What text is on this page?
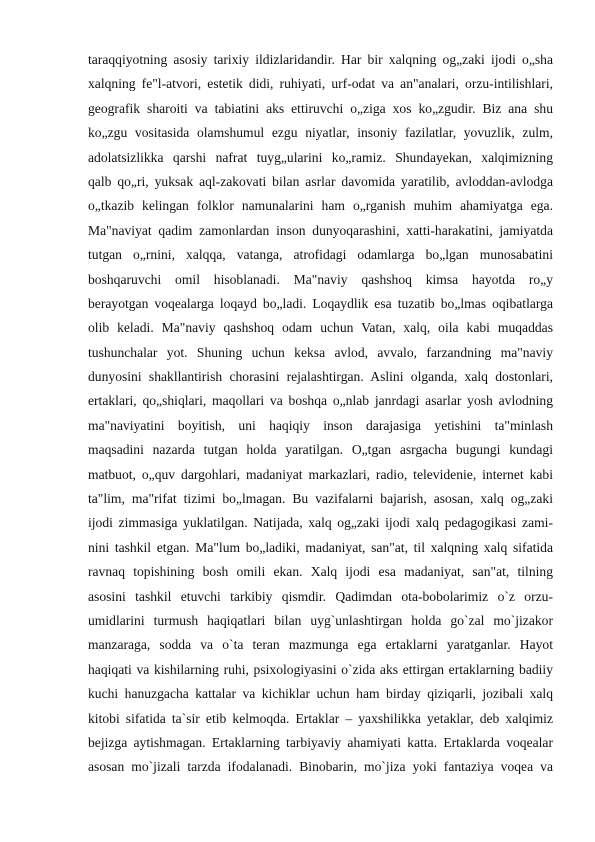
taraqqiyotning asosiy tarixiy ildizlaridandir. Har bir xalqning og„zaki ijodi o„sha
xalqning fe"l-atvori, estetik didi, ruhiyati, urf-odat va an"analari, orzu-intilishlari,
geografik sharoiti va tabiatini aks ettiruvchi o„ziga xos ko„zgudir. Biz ana shu
ko„zgu vositasida olamshumul ezgu niyatlar, insoniy fazilatlar, yovuzlik, zulm,
adolatsizlikka qarshi nafrat tuyg„ularini ko„ramiz. Shundayekan, xalqimizning
qalb qo„ri, yuksak aql-zakovati bilan asrlar davomida yaratilib, avloddan-avlodga
o„tkazib kelingan folklor namunalarini ham o„rganish muhim ahamiyatga ega.
Ma"naviyat qadim zamonlardan inson dunyoqarashini, xatti-harakatini, jamiyatda
tutgan o„rnini, xalqqa, vatanga, atrofidagi odamlarga bo„lgan munosabatini
boshqaruvchi omil hisoblanadi. Ma"naviy qashshoq kimsa hayotda ro„y
berayotgan voqealarga loqayd bo„ladi. Loqaydlik esa tuzatib bo„lmas oqibatlarga
olib keladi. Ma"naviy qashshoq odam uchun Vatan, xalq, oila kabi muqaddas
tushunchalar yot. Shuning uchun keksa avlod, avvalo, farzandning ma"naviy
dunyosini shakllantirish chorasini rejalashtirgan. Aslini olganda, xalq dostonlari,
ertaklari, qo„shiqlari, maqollari va boshqa o„nlab janrdagi asarlar yosh avlodning
ma"naviyatini boyitish, uni haqiqiy inson darajasiga yetishini ta"minlash
maqsadini nazarda tutgan holda yaratilgan. O„tgan asrgacha bugungi kundagi
matbuot, o„quv dargohlari, madaniyat markazlari, radio, televidenie, internet kabi
ta"lim, ma"rifat tizimi bo„lmagan. Bu vazifalarni bajarish, asosan, xalq og„zaki
ijodi zimmasiga yuklatilgan. Natijada, xalq og„zaki ijodi xalq pedagogikasi zami-
nini tashkil etgan. Ma"lum bo„ladiki, madaniyat, san"at, til xalqning xalq sifatida
ravnaq topishining bosh omili ekan. Xalq ijodi esa madaniyat, san"at, tilning
asosini tashkil etuvchi tarkibiy qismdir. Qadimdan ota-bobolarimiz o`z orzu-
umidlarini turmush haqiqatlari bilan uyg`unlashtirgan holda go`zal mo`jizakor
manzaraga, sodda va o`ta teran mazmunga ega ertaklarni yaratganlar. Hayot
haqiqati va kishilarning ruhi, psixologiyasini o`zida aks ettirgan ertaklarning badiiy
kuchi hanuzgacha kattalar va kichiklar uchun ham birday qiziqarli, jozibali xalq
kitobi sifatida ta`sir etib kelmoqda. Ertaklar – yaxshilikka yetaklar, deb xalqimiz
bejizga aytishmagan. Ertaklarning tarbiyaviy ahamiyati katta. Ertaklarda voqealar
asosan mo`jizali tarzda ifodalanadi. Binobarin, mo`jiza yoki fantaziya voqea va
